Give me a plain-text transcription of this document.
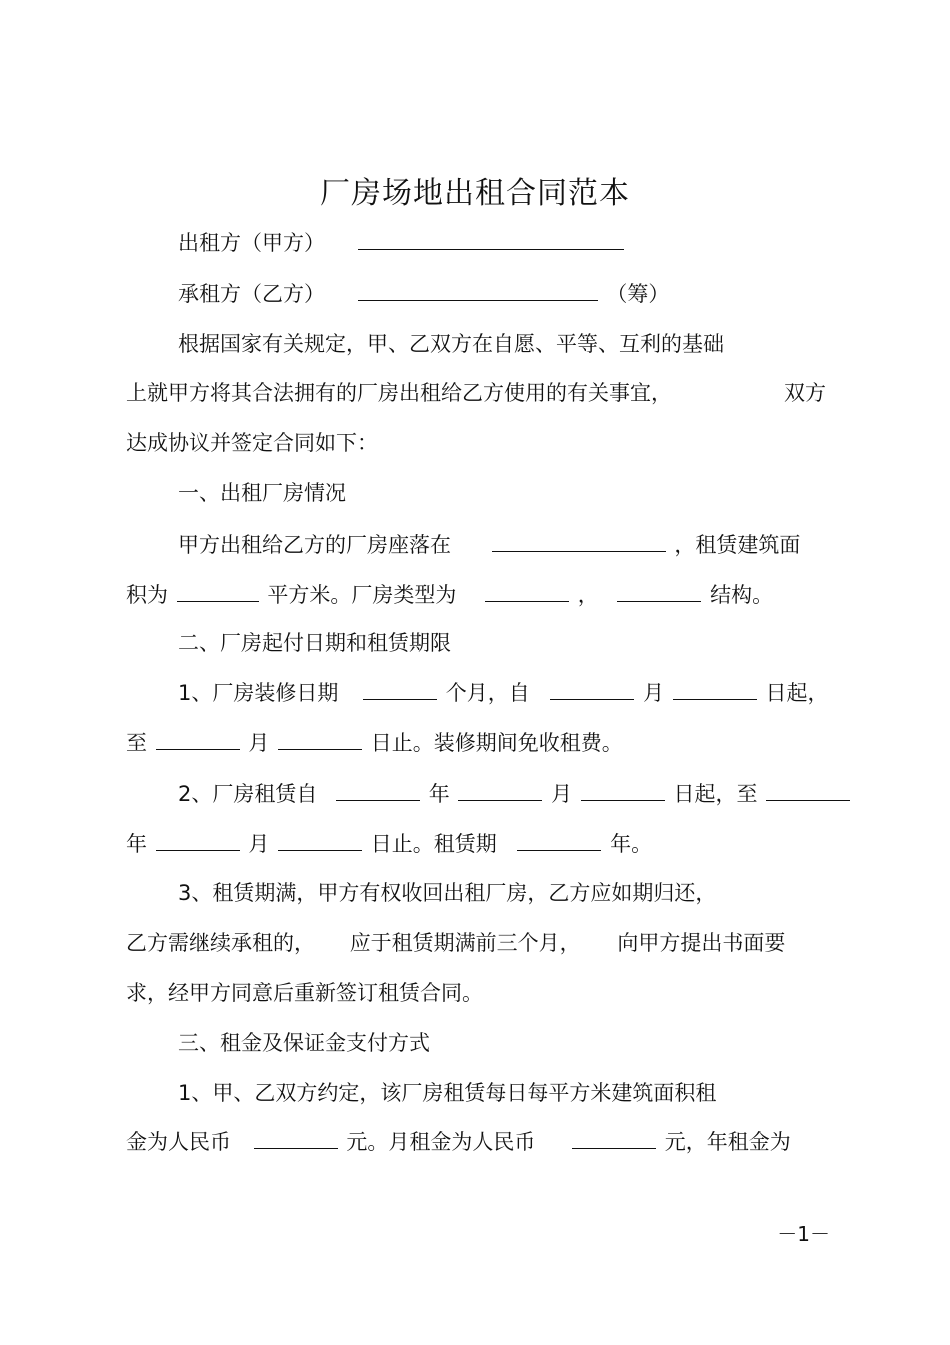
厂房场地出租合同范本
出租方（甲方）
承租方（乙方）	（筹）
根据国家有关规定，甲、乙双方在自愿、平等、互利的基础
上就甲方将其合法拥有的厂房出租给乙方使用的有关事宜，	双方
达成协议并签定合同如下：
一、出租厂房情况
甲方出租给乙方的厂房座落在	，租赁建筑面
积为	平方米。厂房类型为	，	结构。
二、厂房起付日期和租赁期限
1、厂房装修日期	个月，自	月	日起，
至	月	日止。装修期间免收租费。
2、厂房租赁自	年	月	日起，至
年	月	日止。租赁期	年。
3、租赁期满，甲方有权收回出租厂房，乙方应如期归还，
乙方需继续承租的， 应于租赁期满前三个月， 向甲方提出书面要
求，经甲方同意后重新签订租赁合同。
三、租金及保证金支付方式
1、甲、乙双方约定，该厂房租赁每日每平方米建筑面积租
金为人民币	元。月租金为人民币	元，年租金为
－1－
